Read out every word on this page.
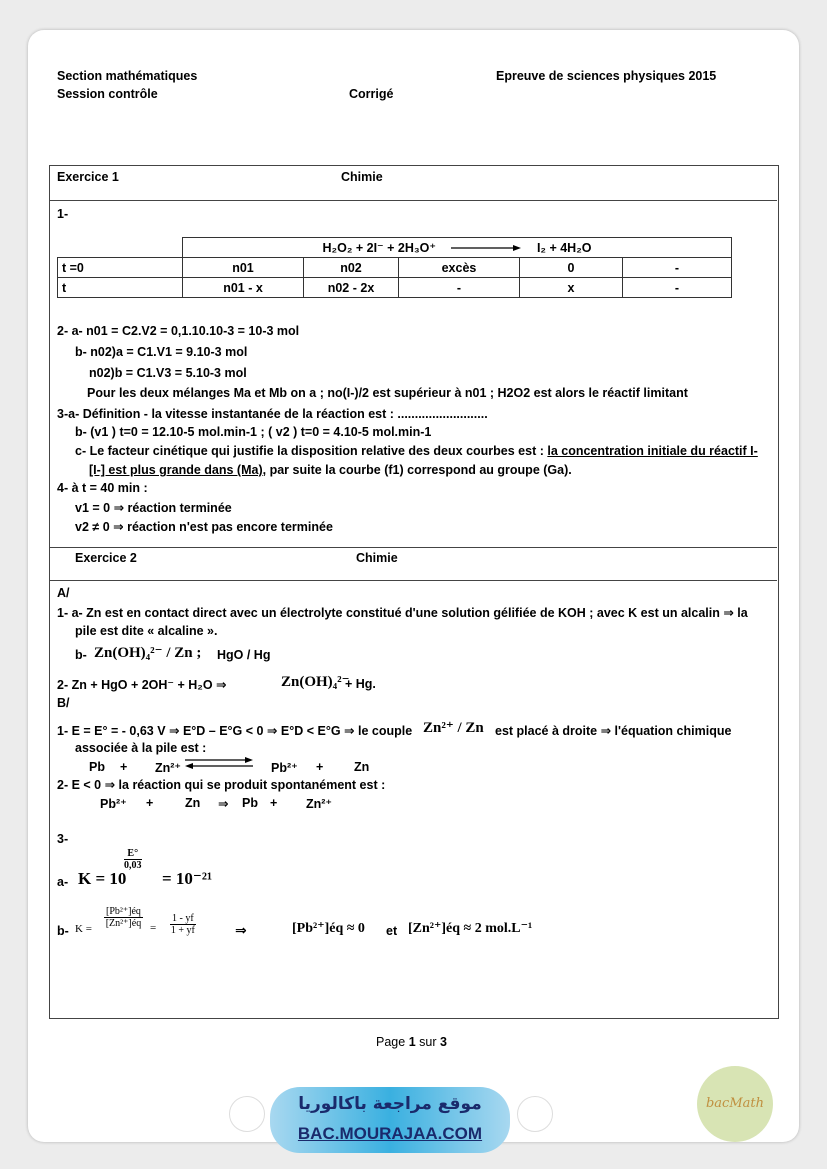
Section mathématiques
Session contrôle	Corrigé
Epreuve de sciences physiques 2015
Exercice 1	Chimie
1-
	H₂O₂ + 2I⁻ + 2H₃O⁺ I₂ + 4H₂O				
t =0	n01	n02	excès	0	-
t	n01 - x	n02 - 2x	-	x	-
2- a- n01 = C2.V2 = 0,1.10.10-3 = 10-3 mol
b- n02)a = C1.V1 = 9.10-3 mol
n02)b = C1.V3 = 5.10-3 mol
Pour les deux mélanges Ma et Mb on a ; no(I-)/2 est supérieur à n01 ; H2O2 est alors le réactif limitant
3-a- Définition - la vitesse instantanée de la réaction est : ..........................
b- (v1 ) t=0 = 12.10-5 mol.min-1 ; ( v2 ) t=0 = 4.10-5 mol.min-1
c- Le facteur cinétique qui justifie la disposition relative des deux courbes est : la concentration initiale du réactif I-
[I-] est plus grande dans (Ma), par suite la courbe (f1) correspond au groupe (Ga).
4- à t = 40 min :
v1 = 0 ⇒ réaction terminée
v2 ≠ 0 ⇒ réaction n'est pas encore terminée
Exercice 2	Chimie
A/
1- a- Zn est en contact direct avec un électrolyte constitué d'une solution gélifiée de KOH ; avec K est un alcalin ⇒ la
pile est dite « alcaline ».
b- Zn(OH)₄²⁻ / Zn ; HgO / Hg
2- Zn + HgO + 2OH⁻ + H₂O ⇒	Zn(OH)₄²⁻
+ Hg.
B/
1- E = E° = - 0,63 V ⇒ E°D – E°G < 0 ⇒ E°D < E°G ⇒ le couple Zn²⁺ / Zn est placé à droite ⇒ l'équation chimique
associée à la pile est :
Pb + Zn²⁺	Pb²⁺ + Zn
2- E < 0 ⇒ la réaction qui se produit spontanément est :
Pb²⁺ +	Zn ⇒ Pb + Zn²⁺
3-
a- K = 10
$\frac{E^\circ}{0,03}$
= 10⁻²¹
b- $K = \frac{\text{[Pb²⁺]éq}}{\text{[Zn²⁺]éq}} = \frac{1 - yf}{1 + yf}$	⇒	[Pb²⁺]éq ≈ 0 et [Zn²⁺]éq ≈ 2 mol.L⁻¹
Page 1 sur 3
موقع مراجعة باكالوريا
BAC.MOURAJAA.COM
bacMath
